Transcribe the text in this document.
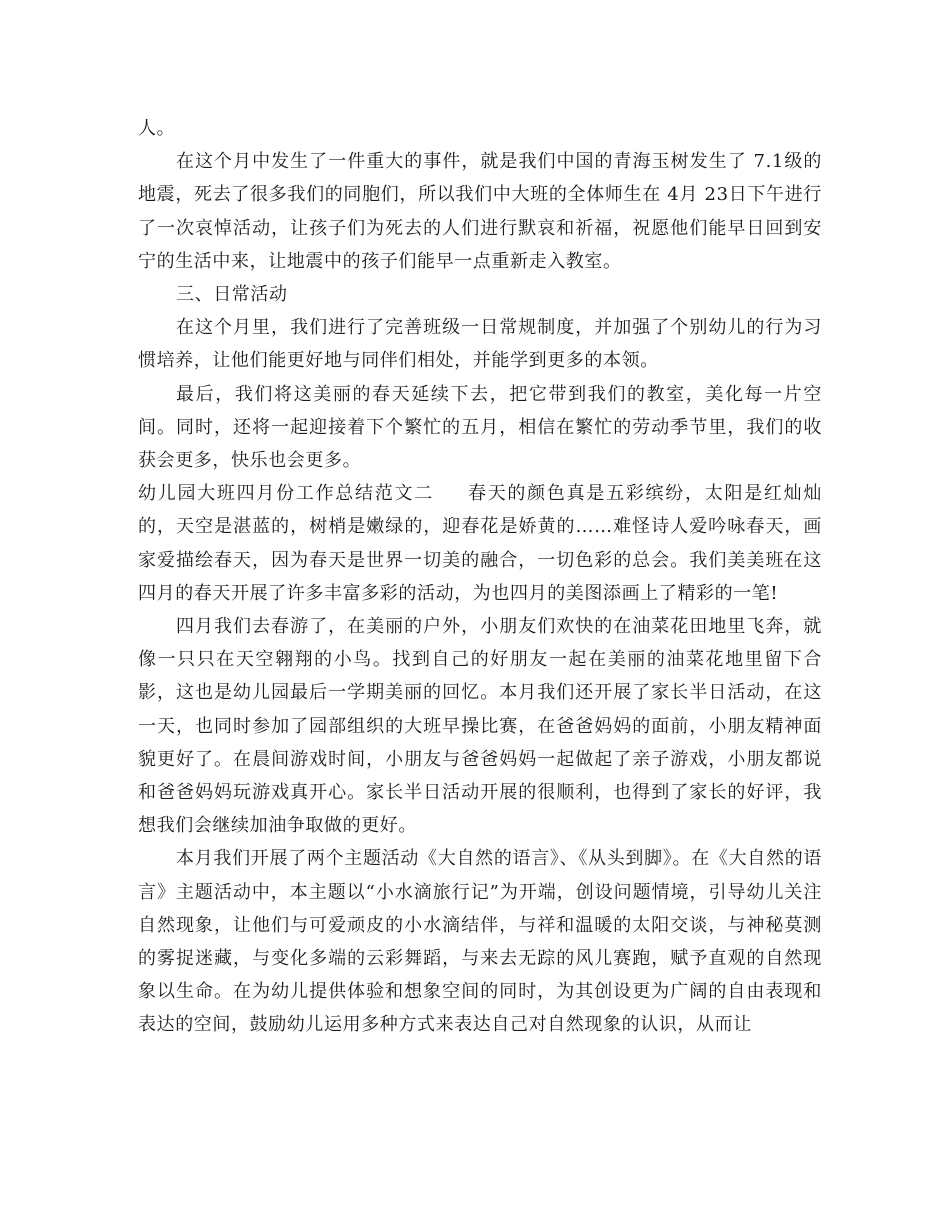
人。

在这个月中发生了一件重大的事件，就是我们中国的青海玉树发生了 7.1级的地震，死去了很多我们的同胞们，所以我们中大班的全体师生在 4月 23日下午进行了一次哀悼活动，让孩子们为死去的人们进行默哀和祈福，祝愿他们能早日回到安宁的生活中来，让地震中的孩子们能早一点重新走入教室。

三、日常活动

在这个月里，我们进行了完善班级一日常规制度，并加强了个别幼儿的行为习惯培养，让他们能更好地与同伴们相处，并能学到更多的本领。

最后，我们将这美丽的春天延续下去，把它带到我们的教室，美化每一片空间。同时，还将一起迎接着下个繁忙的五月，相信在繁忙的劳动季节里，我们的收获会更多，快乐也会更多。

幼儿园大班四月份工作总结范文二 春天的颜色真是五彩缤纷，太阳是红灿灿的，天空是湛蓝的，树梢是嫩绿的，迎春花是娇黄的……难怪诗人爱吟咏春天，画家爱描绘春天，因为春天是世界一切美的融合，一切色彩的总会。我们美美班在这四月的春天开展了许多丰富多彩的活动，为也四月的美图添画上了精彩的一笔!

四月我们去春游了，在美丽的户外，小朋友们欢快的在油菜花田地里飞奔，就像一只只在天空翱翔的小鸟。找到自己的好朋友一起在美丽的油菜花地里留下合影，这也是幼儿园最后一学期美丽的回忆。本月我们还开展了家长半日活动，在这一天，也同时参加了园部组织的大班早操比赛，在爸爸妈妈的面前，小朋友精神面貌更好了。在晨间游戏时间，小朋友与爸爸妈妈一起做起了亲子游戏，小朋友都说和爸爸妈妈玩游戏真开心。家长半日活动开展的很顺利，也得到了家长的好评，我想我们会继续加油争取做的更好。

本月我们开展了两个主题活动《大自然的语言》、《从头到脚》。在《大自然的语言》主题活动中，本主题以“小水滴旅行记”为开端，创设问题情境，引导幼儿关注自然现象，让他们与可爱顽皮的小水滴结伴，与祥和温暖的太阳交谈，与神秘莫测的雾捉迷藏，与变化多端的云彩舞蹈，与来去无踪的风儿赛跑，赋予直观的自然现象以生命。在为幼儿提供体验和想象空间的同时，为其创设更为广阔的自由表现和表达的空间，鼓励幼儿运用多种方式来表达自己对自然现象的认识，从而让
